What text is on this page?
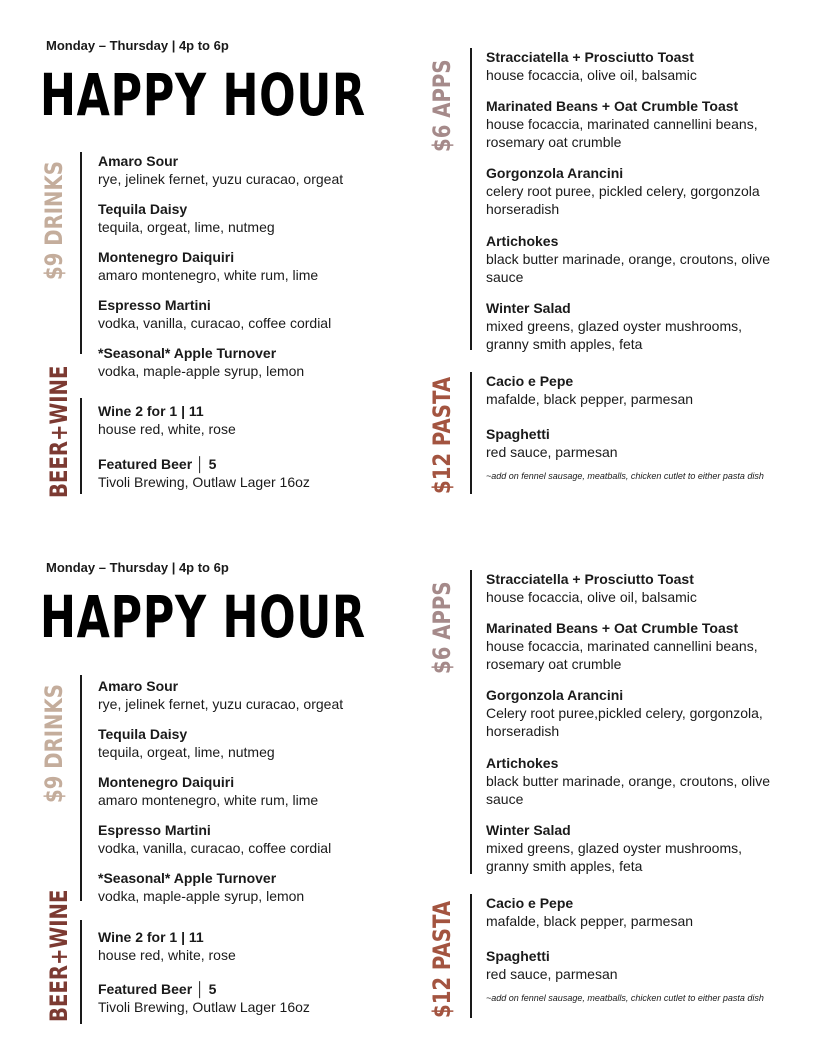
Monday – Thursday | 4p to 6p
HAPPY HOUR
$9 DRINKS
Amaro Sour
rye, jelinek fernet, yuzu curacao, orgeat
Tequila Daisy
tequila, orgeat, lime, nutmeg
Montenegro Daiquiri
amaro montenegro, white rum, lime
Espresso Martini
vodka, vanilla, curacao, coffee cordial
*Seasonal* Apple Turnover
vodka, maple-apple syrup, lemon
BEER+WINE Wine 2 for 1 | 11
house red, white, rose
Featured Beer │ 5
Tivoli Brewing, Outlaw Lager 16oz
$6 APPS
Stracciatella + Prosciutto Toast
house focaccia, olive oil, balsamic
Marinated Beans + Oat Crumble Toast
house focaccia, marinated cannellini beans, rosemary oat crumble
Gorgonzola Arancini
celery root puree, pickled celery, gorgonzola horseradish
Artichokes
black butter marinade, orange, croutons, olive sauce
Winter Salad
mixed greens, glazed oyster mushrooms, granny smith apples, feta
$12 PASTA Cacio e Pepe
mafalde, black pepper, parmesan
Spaghetti
red sauce, parmesan
~add on fennel sausage, meatballs, chicken cutlet to either pasta dish
Monday – Thursday | 4p to 6p
HAPPY HOUR
$9 DRINKS Amaro Sour
rye, jelinek fernet, yuzu curacao, orgeat
Tequila Daisy
tequila, orgeat, lime, nutmeg
Montenegro Daiquiri
amaro montenegro, white rum, lime
Espresso Martini
vodka, vanilla, curacao, coffee cordial
*Seasonal* Apple Turnover
vodka, maple-apple syrup, lemon
BEER+WINE Wine 2 for 1 | 11
house red, white, rose
Featured Beer │ 5
Tivoli Brewing, Outlaw Lager 16oz
$6 APPS
Stracciatella + Prosciutto Toast
house focaccia, olive oil, balsamic
Marinated Beans + Oat Crumble Toast
house focaccia, marinated cannellini beans, rosemary oat crumble
Gorgonzola Arancini
Celery root puree,pickled celery, gorgonzola, horseradish
Artichokes
black butter marinade, orange, croutons, olive sauce
Winter Salad
mixed greens, glazed oyster mushrooms, granny smith apples, feta
$12 PASTA Cacio e Pepe
mafalde, black pepper, parmesan
Spaghetti
red sauce, parmesan
~add on fennel sausage, meatballs, chicken cutlet to either pasta dish
